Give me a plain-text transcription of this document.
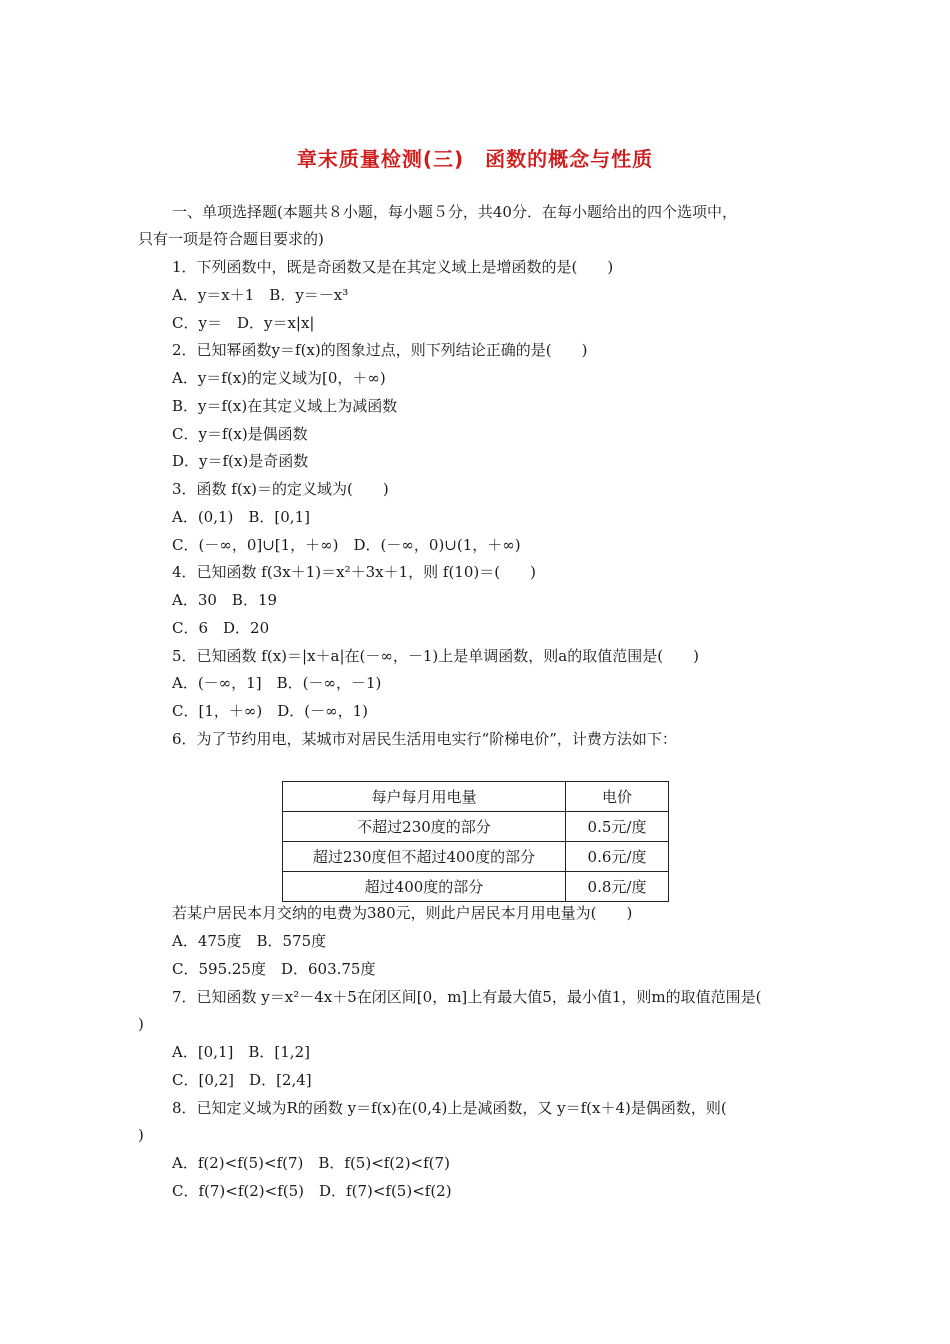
章末质量检测(三)　函数的概念与性质
一、单项选择题(本题共８小题，每小题５分，共40分．在每小题给出的四个选项中，
只有一项是符合题目要求的)
1．下列函数中，既是奇函数又是在其定义域上是增函数的是(　　)
A．y＝x＋1　B．y＝－x³
C．y＝　D．y＝x|x|
2．已知幂函数y＝f(x)的图象过点，则下列结论正确的是(　　)
A．y＝f(x)的定义域为[0，＋∞)
B．y＝f(x)在其定义域上为减函数
C．y＝f(x)是偶函数
D．y＝f(x)是奇函数
3．函数 f(x)＝的定义域为(　　)
A．(0,1)　B．[0,1]
C．(－∞，0]∪[1，＋∞)　D．(－∞，0)∪(1，＋∞)
4．已知函数 f(3x＋1)＝x²＋3x＋1，则 f(10)＝(　　)
A．30　B．19
C．6　D．20
5．已知函数 f(x)＝|x＋a|在(－∞，－1)上是单调函数，则a的取值范围是(　　)
A．(－∞，1]　B．(－∞，－1)
C．[1，＋∞)　D．(－∞，1)
6．为了节约用电，某城市对居民生活用电实行“阶梯电价”，计费方法如下：
每户每月用电量	电价
不超过230度的部分	0.5元/度
超过230度但不超过400度的部分	0.6元/度
超过400度的部分	0.8元/度
若某户居民本月交纳的电费为380元，则此户居民本月用电量为(　　)
A．475度　B．575度
C．595.25度　D．603.75度
7．已知函数 y＝x²－4x＋5在闭区间[0，m]上有最大值5，最小值1，则m的取值范围是(
)
A．[0,1]　B．[1,2]
C．[0,2]　D．[2,4]
8．已知定义域为R的函数 y＝f(x)在(0,4)上是减函数，又 y＝f(x＋4)是偶函数，则(
)
A．f(2)<f(5)<f(7)　B．f(5)<f(2)<f(7)
C．f(7)<f(2)<f(5)　D．f(7)<f(5)<f(2)
